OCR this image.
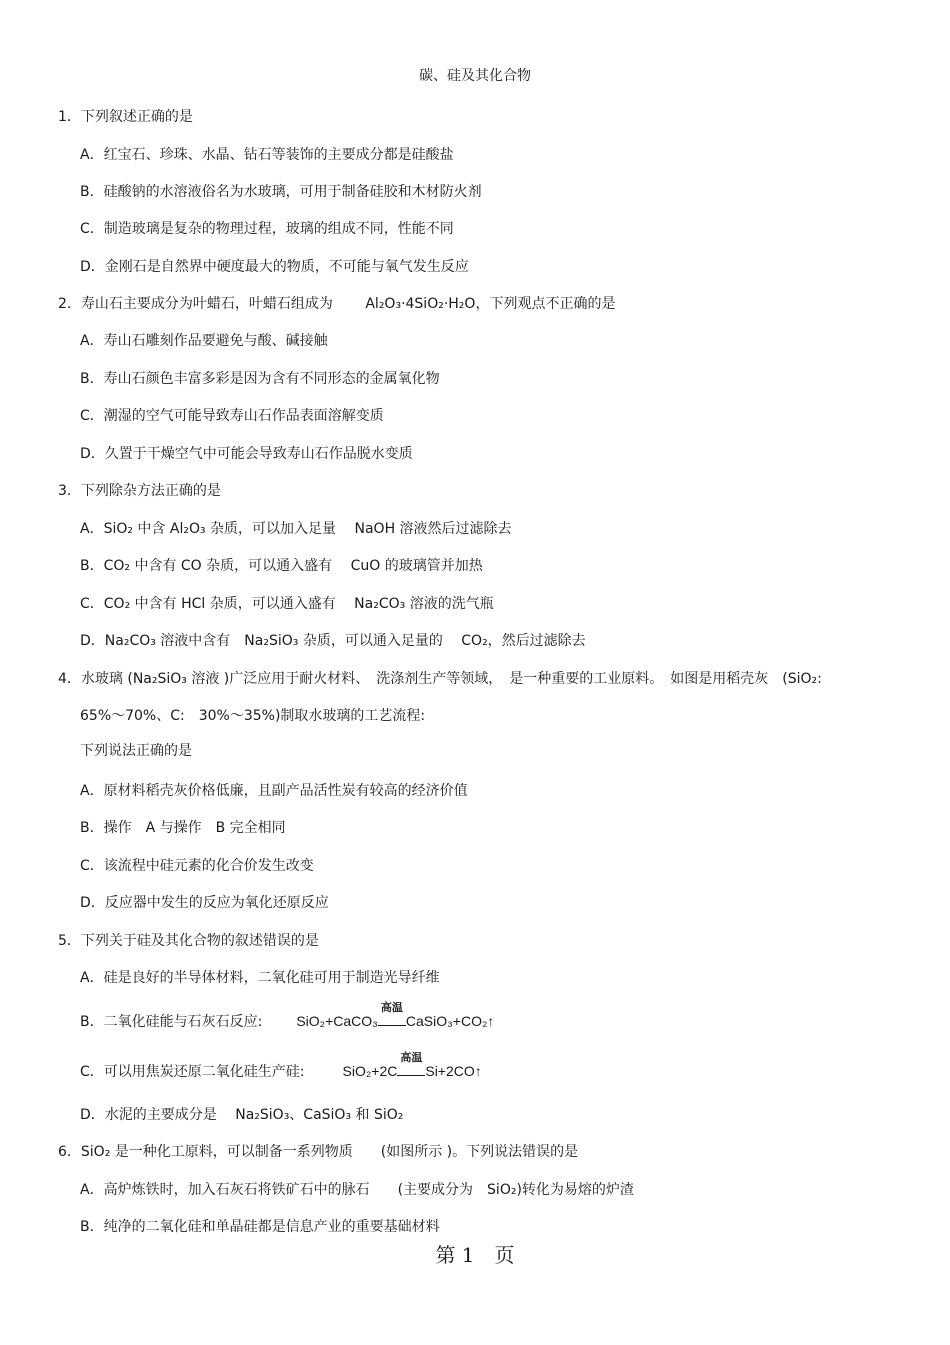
碳、硅及其化合物
1．下列叙述正确的是
A．红宝石、珍珠、水晶、钻石等装饰的主要成分都是硅酸盐
B．硅酸钠的水溶液俗名为水玻璃，可用于制备硅胶和木材防火剂
C．制造玻璃是复杂的物理过程，玻璃的组成不同，性能不同
D．金刚石是自然界中硬度最大的物质，不可能与氧气发生反应
2．寿山石主要成分为叶蜡石，叶蜡石组成为　　 Al₂O₃·4SiO₂·H₂O，下列观点不正确的是
A．寿山石雕刻作品要避免与酸、碱接触
B．寿山石颜色丰富多彩是因为含有不同形态的金属氧化物
C．潮湿的空气可能导致寿山石作品表面溶解变质
D．久置于干燥空气中可能会导致寿山石作品脱水变质
3．下列除杂方法正确的是
A．SiO₂ 中含 Al₂O₃ 杂质，可以加入足量　 NaOH 溶液然后过滤除去
B．CO₂ 中含有 CO 杂质，可以通入盛有　 CuO 的玻璃管并加热
C．CO₂ 中含有 HCl 杂质，可以通入盛有　 Na₂CO₃ 溶液的洗气瓶
D．Na₂CO₃ 溶液中含有　Na₂SiO₃ 杂质，可以通入足量的　 CO₂，然后过滤除去
4．水玻璃 (Na₂SiO₃ 溶液 )广泛应用于耐火材料、　洗涤剂生产等领域，　是一种重要的工业原料。　如图是用稻壳灰　(SiO₂:
65%～70%、C:　30%～35%)制取水玻璃的工艺流程:
下列说法正确的是
A．原材料稻壳灰价格低廉，且副产品活性炭有较高的经济价值
B．操作　A 与操作　B 完全相同
C．该流程中硅元素的化合价发生改变
D．反应器中发生的反应为氧化还原反应
5．下列关于硅及其化合物的叙述错误的是
A．硅是良好的半导体材料，二氧化硅可用于制造光导纤维
B．二氧化硅能与石灰石反应: SiO₂+CaCO₃
高温
CaSiO₃+CO₂↑
C．可以用焦炭还原二氧化硅生产硅:	SiO₂+2C
高温
Si+2CO↑
D．水泥的主要成分是　 Na₂SiO₃、CaSiO₃ 和 SiO₂
6．SiO₂ 是一种化工原料，可以制备一系列物质　　(如图所示 )。下列说法错误的是
A．高炉炼铁时，加入石灰石将铁矿石中的脉石　　(主要成分为　SiO₂)转化为易熔的炉渣
B．纯净的二氧化硅和单晶硅都是信息产业的重要基础材料
第 1　页
